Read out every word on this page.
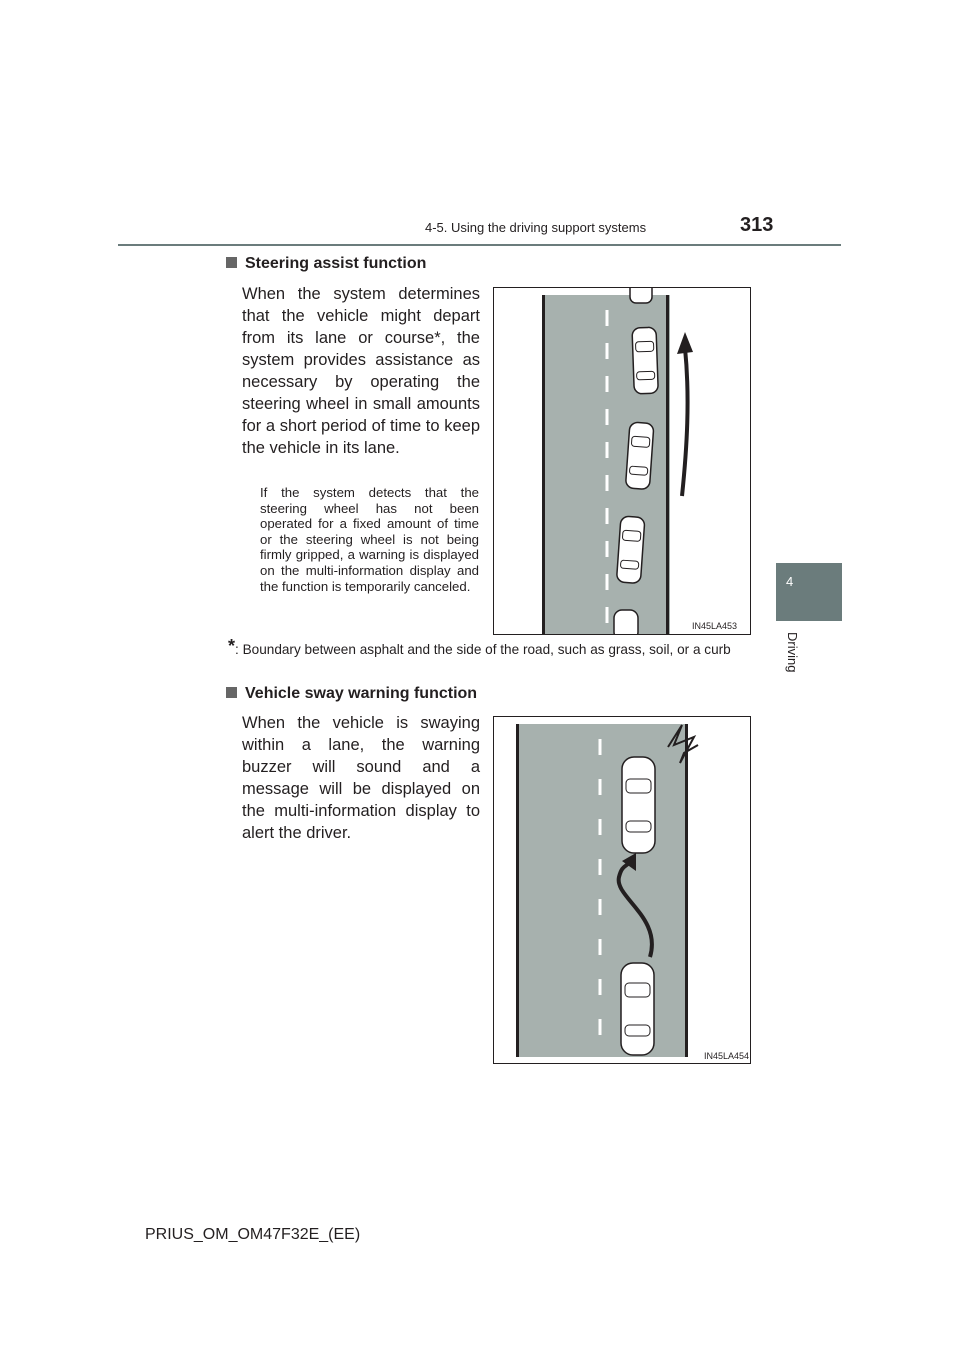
4-5. Using the driving support systems	313
4
Driving
Steering assist function
When the system determines that the vehicle might depart from its lane or course*, the system provides assistance as necessary by operating the steering wheel in small amounts for a short period of time to keep the vehicle in its lane.
If the system detects that the steering wheel has not been operated for a fixed amount of time or the steering wheel is not being firmly gripped, a warning is displayed on the multi-information display and the function is temporarily canceled.
IN45LA453
*: Boundary between asphalt and the side of the road, such as grass, soil, or a curb
Vehicle sway warning function
When the vehicle is swaying within a lane, the warning buzzer will sound and a message will be displayed on the multi-information display to alert the driver.
IN45LA454
PRIUS_OM_OM47F32E_(EE)
